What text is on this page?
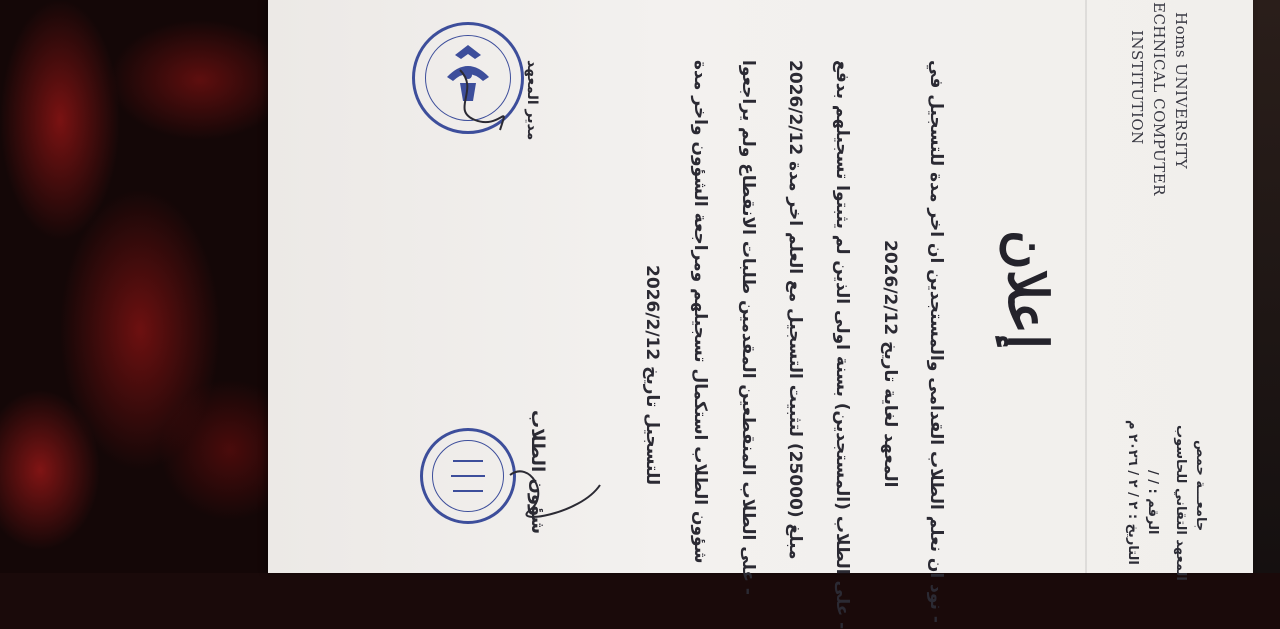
Homs UNIVERSITY
ECHNICAL COMPUTER
INSTITUTION
جامعـــة حمص
المعهد التقاني للحاسوب
الرقم : / /
التاريخ : ٢ / ٢ / ٢٠٢٦ م
إعلان
- نود ان نعلم الطلاب القدامى والمستجدين ان اخر مدة للتسجيل في
المعهد لغاية تاريخ 2026/2/12
- على الطلاب (المستجدين) بسنة اولى الذين لم يثبتوا تسجيلهم بدفع
مبلغ (25000) لتثبيت التسجيل مع العلم اخر مدة 2026/2/12
- على الطلاب المنقطعين المقدمين طلبات الانقطاع ولم يراجعوا
شؤون الطلاب استكمال تسجيلهم ومراجعة الشؤون واخر مدة
للتسجيل تاريخ 2026/2/12
شؤون الطلاب
مدير المعهد
